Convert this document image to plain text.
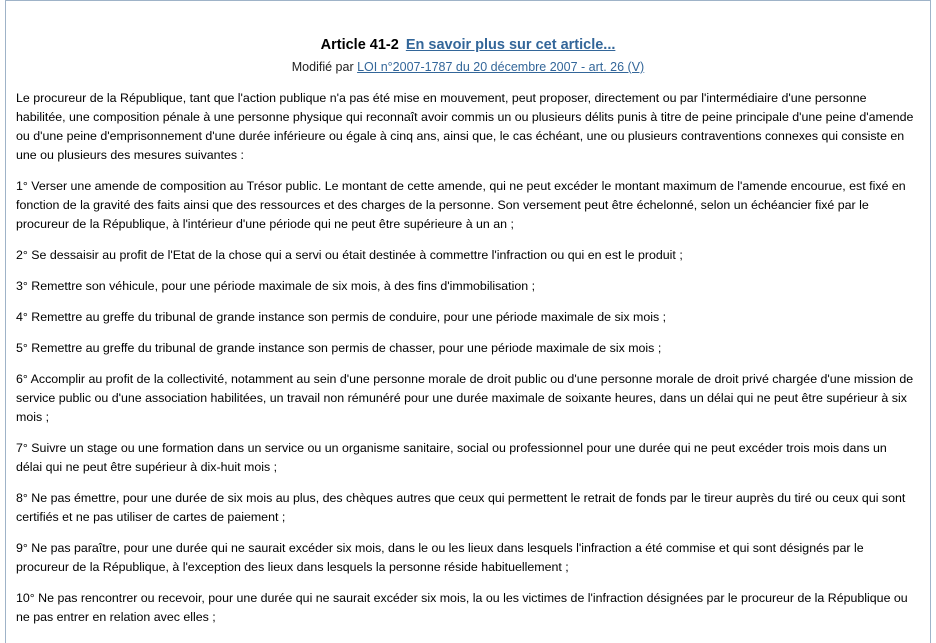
Article 41-2 En savoir plus sur cet article...
Modifié par LOI n°2007-1787 du 20 décembre 2007 - art. 26 (V)

Le procureur de la République, tant que l'action publique n'a pas été mise en mouvement, peut proposer, directement ou par l'intermédiaire d'une personne habilitée, une composition pénale à une personne physique qui reconnaît avoir commis un ou plusieurs délits punis à titre de peine principale d'une peine d'amende ou d'une peine d'emprisonnement d'une durée inférieure ou égale à cinq ans, ainsi que, le cas échéant, une ou plusieurs contraventions connexes qui consiste en une ou plusieurs des mesures suivantes :

1° Verser une amende de composition au Trésor public. Le montant de cette amende, qui ne peut excéder le montant maximum de l'amende encourue, est fixé en fonction de la gravité des faits ainsi que des ressources et des charges de la personne. Son versement peut être échelonné, selon un échéancier fixé par le procureur de la République, à l'intérieur d'une période qui ne peut être supérieure à un an ;

2° Se dessaisir au profit de l'Etat de la chose qui a servi ou était destinée à commettre l'infraction ou qui en est le produit ;

3° Remettre son véhicule, pour une période maximale de six mois, à des fins d'immobilisation ;

4° Remettre au greffe du tribunal de grande instance son permis de conduire, pour une période maximale de six mois ;

5° Remettre au greffe du tribunal de grande instance son permis de chasser, pour une période maximale de six mois ;

6° Accomplir au profit de la collectivité, notamment au sein d'une personne morale de droit public ou d'une personne morale de droit privé chargée d'une mission de service public ou d'une association habilitées, un travail non rémunéré pour une durée maximale de soixante heures, dans un délai qui ne peut être supérieur à six mois ;

7° Suivre un stage ou une formation dans un service ou un organisme sanitaire, social ou professionnel pour une durée qui ne peut excéder trois mois dans un délai qui ne peut être supérieur à dix-huit mois ;

8° Ne pas émettre, pour une durée de six mois au plus, des chèques autres que ceux qui permettent le retrait de fonds par le tireur auprès du tiré ou ceux qui sont certifiés et ne pas utiliser de cartes de paiement ;

9° Ne pas paraître, pour une durée qui ne saurait excéder six mois, dans le ou les lieux dans lesquels l'infraction a été commise et qui sont désignés par le procureur de la République, à l'exception des lieux dans lesquels la personne réside habituellement ;

10° Ne pas rencontrer ou recevoir, pour une durée qui ne saurait excéder six mois, la ou les victimes de l'infraction désignées par le procureur de la République ou ne pas entrer en relation avec elles ;
